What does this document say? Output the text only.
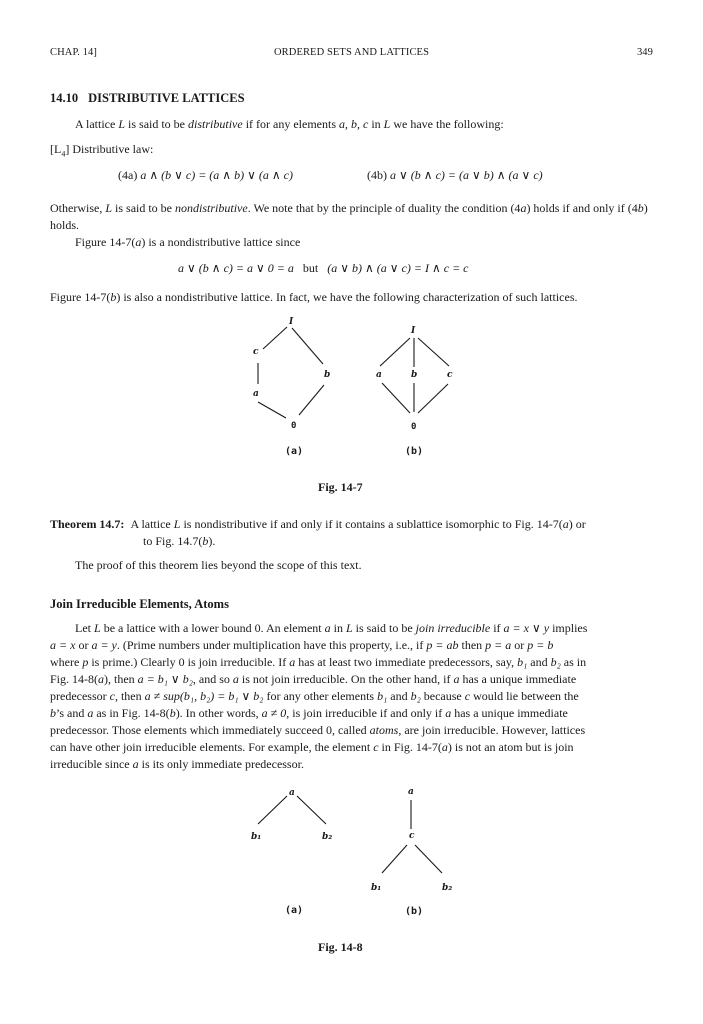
CHAP. 14]	ORDERED SETS AND LATTICES	349
14.10 DISTRIBUTIVE LATTICES
A lattice L is said to be distributive if for any elements a, b, c in L we have the following:
$[L_4]$ Distributive law:
(4a) a ∧ (b ∨ c) = (a ∧ b) ∨ (a ∧ c)	(4b) a ∨ (b ∧ c) = (a ∨ b) ∧ (a ∨ c)
Otherwise, L is said to be nondistributive. We note that by the principle of duality the condition (4a) holds if and only if (4b) holds.
Figure 14-7(a) is a nondistributive lattice since
a ∨ (b ∧ c) = a ∨ 0 = a but (a ∨ b) ∧ (a ∨ c) = I ∧ c = c
Figure 14-7(b) is also a nondistributive lattice. In fact, we have the following characterization of such lattices.
I
c
b
a
0
(a)
I
a	b	c
0
(b)
Fig. 14-7
Theorem 14.7: A lattice L is nondistributive if and only if it contains a sublattice isomorphic to Fig. 14-7(a) or
to Fig. 14.7(b).
The proof of this theorem lies beyond the scope of this text.
Join Irreducible Elements, Atoms
Let L be a lattice with a lower bound 0. An element a in L is said to be join irreducible if a = x ∨ y implies
a = x or a = y. (Prime numbers under multiplication have this property, i.e., if p = ab then p = a or p = b
where p is prime.) Clearly 0 is join irreducible. If a has at least two immediate predecessors, say, b₁ and b₂ as in
Fig. 14-8(a), then a = b₁ ∨ b₂, and so a is not join irreducible. On the other hand, if a has a unique immediate
predecessor c, then a ≠ sup(b₁, b₂) = b₁ ∨ b₂ for any other elements b₁ and b₂ because c would lie between the
b’s and a as in Fig. 14-8(b). In other words, a ≠ 0, is join irreducible if and only if a has a unique immediate
predecessor. Those elements which immediately succeed 0, called atoms, are join irreducible. However, lattices
can have other join irreducible elements. For example, the element c in Fig. 14-7(a) is not an atom but is join
irreducible since a is its only immediate predecessor.
a
b₁	b₂
(a)
a
c
b₁	b₂
(b)
Fig. 14-8
